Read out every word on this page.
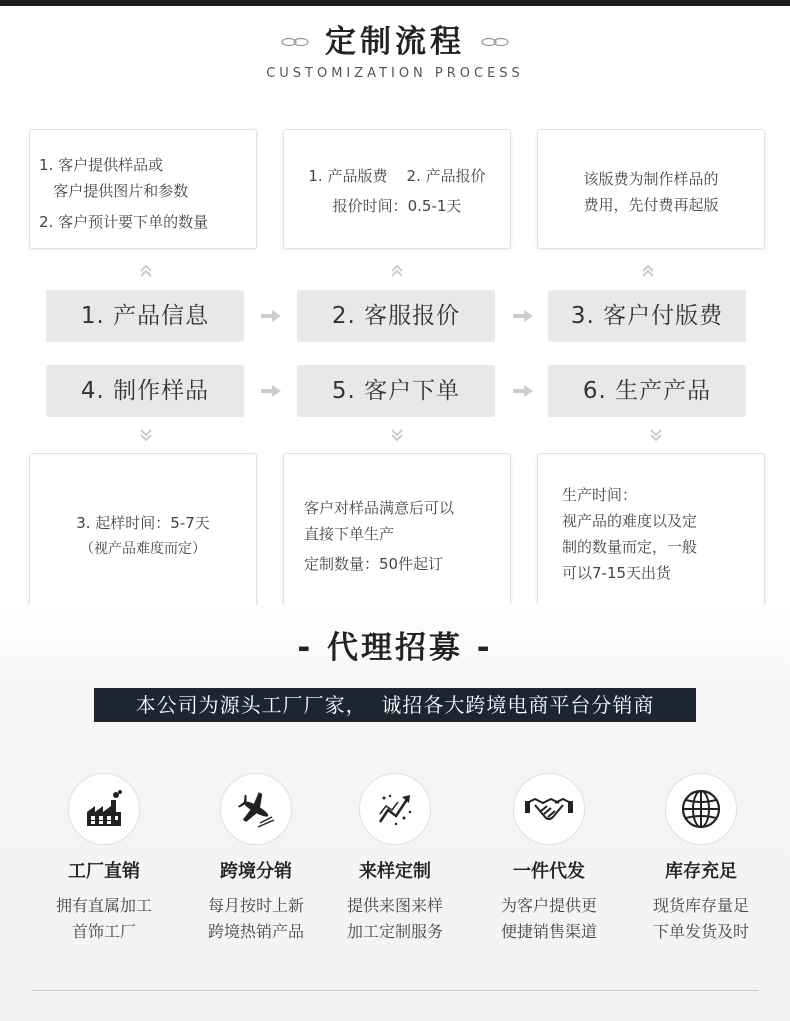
定制流程
CUSTOMIZATION PROCESS
1. 客户提供样品或
客户提供图片和参数
2. 客户预计要下单的数量
1. 产品版费    2. 产品报价
报价时间：0.5-1天
该版费为制作样品的
费用，先付费再起版
1. 产品信息	2. 客服报价	3. 客户付版费
4. 制作样品	5. 客户下单	6. 生产产品
3. 起样时间：5-7天
（视产品难度而定）
客户对样品满意后可以
直接下单生产
定制数量：50件起订
生产时间：
视产品的难度以及定
制的数量而定，一般
可以7-15天出货
- 代理招募 -
本公司为源头工厂厂家，  诚招各大跨境电商平台分销商
工厂直销
拥有直属加工
首饰工厂
跨境分销
每月按时上新
跨境热销产品
来样定制
提供来图来样
加工定制服务
一件代发
为客户提供更
便捷销售渠道
库存充足
现货库存量足
下单发货及时
